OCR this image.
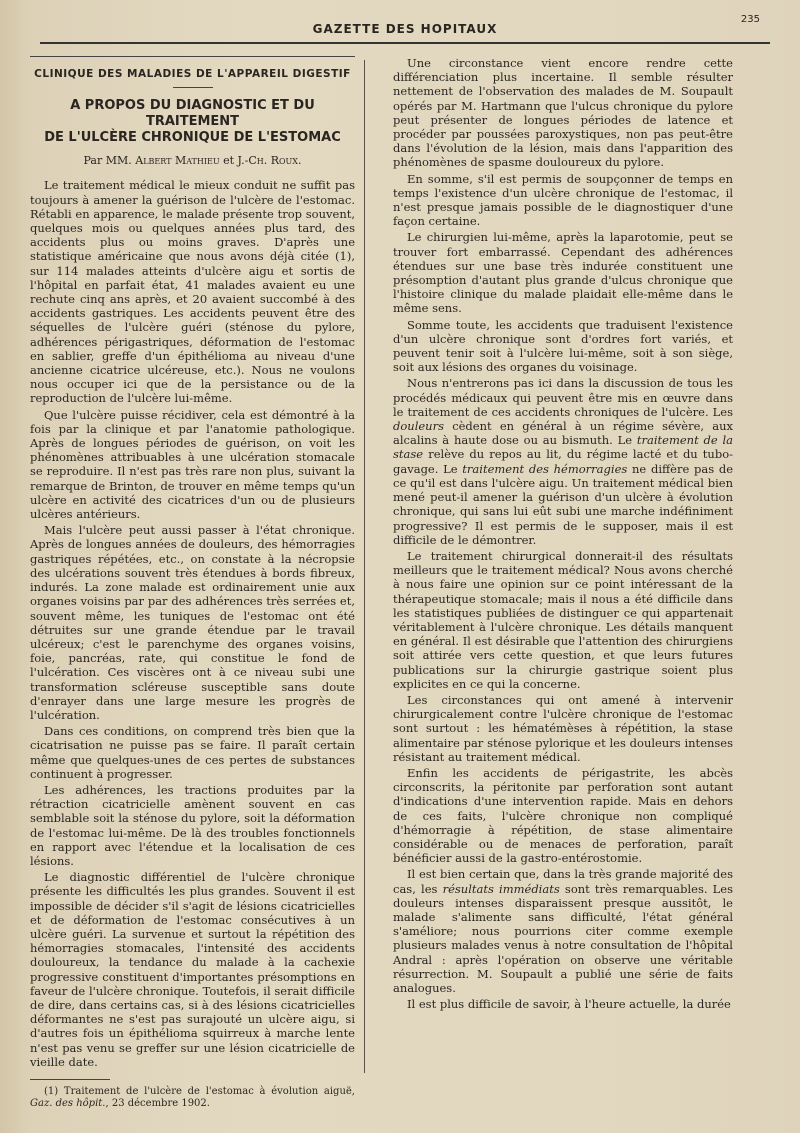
GAZETTE DES HOPITAUX
235
CLINIQUE DES MALADIES DE L'APPAREIL DIGESTIF
A PROPOS DU DIAGNOSTIC ET DU TRAITEMENT
DE L'ULCÈRE CHRONIQUE DE L'ESTOMAC
Par MM. Albert Mathieu et J.-Ch. Roux.

Le traitement médical le mieux conduit ne suffit pas toujours à amener la guérison de l'ulcère de l'estomac. Rétabli en apparence, le malade présente trop souvent, quelques mois ou quelques années plus tard, des accidents plus ou moins graves. D'après une statistique américaine que nous avons déjà citée (1), sur 114 malades atteints d'ulcère aigu et sortis de l'hôpital en parfait état, 41 malades avaient eu une rechute cinq ans après, et 20 avaient succombé à des accidents gastriques. Les accidents peuvent être des séquelles de l'ulcère guéri (sténose du pylore, adhérences périgastriques, déformation de l'estomac en sablier, greffe d'un épithélioma au niveau d'une ancienne cicatrice ulcéreuse, etc.). Nous ne voulons nous occuper ici que de la persistance ou de la reproduction de l'ulcère lui-même.

Que l'ulcère puisse récidiver, cela est démontré à la fois par la clinique et par l'anatomie pathologique. Après de longues périodes de guérison, on voit les phénomènes attribuables à une ulcération stomacale se reproduire. Il n'est pas très rare non plus, suivant la remarque de Brinton, de trouver en même temps qu'un ulcère en activité des cicatrices d'un ou de plusieurs ulcères antérieurs.

Mais l'ulcère peut aussi passer à l'état chronique. Après de longues années de douleurs, des hémorragies gastriques répétées, etc., on constate à la nécropsie des ulcérations souvent très étendues à bords fibreux, indurés. La zone malade est ordinairement unie aux organes voisins par par des adhérences très serrées et, souvent même, les tuniques de l'estomac ont été détruites sur une grande étendue par le travail ulcéreux; c'est le parenchyme des organes voisins, foie, pancréas, rate, qui constitue le fond de l'ulcération. Ces viscères ont à ce niveau subi une transformation scléreuse susceptible sans doute d'enrayer dans une large mesure les progrès de l'ulcération.

Dans ces conditions, on comprend très bien que la cicatrisation ne puisse pas se faire. Il paraît certain même que quelques-unes de ces pertes de substances continuent à progresser.

Les adhérences, les tractions produites par la rétraction cicatricielle amènent souvent en cas semblable soit la sténose du pylore, soit la déformation de l'estomac lui-même. De là des troubles fonctionnels en rapport avec l'étendue et la localisation de ces lésions.

Le diagnostic différentiel de l'ulcère chronique présente les difficultés les plus grandes. Souvent il est impossible de décider s'il s'agit de lésions cicatricielles et de déformation de l'estomac consécutives à un ulcère guéri. La survenue et surtout la répétition des hémorragies stomacales, l'intensité des accidents douloureux, la tendance du malade à la cachexie progressive constituent d'importantes présomptions en faveur de l'ulcère chronique. Toutefois, il serait difficile de dire, dans certains cas, si à des lésions cicatricielles déformantes ne s'est pas surajouté un ulcère aigu, si d'autres fois un épithélioma squirreux à marche lente n'est pas venu se greffer sur une lésion cicatricielle de vieille date.

(1) Traitement de l'ulcère de l'estomac à évolution aiguë, Gaz. des hôpit., 23 décembre 1902.

Une circonstance vient encore rendre cette différenciation plus incertaine. Il semble résulter nettement de l'observation des malades de M. Soupault opérés par M. Hartmann que l'ulcus chronique du pylore peut présenter de longues périodes de latence et procéder par poussées paroxystiques, non pas peut-être dans l'évolution de la lésion, mais dans l'apparition des phénomènes de spasme douloureux du pylore.

En somme, s'il est permis de soupçonner de temps en temps l'existence d'un ulcère chronique de l'estomac, il n'est presque jamais possible de le diagnostiquer d'une façon certaine.

Le chirurgien lui-même, après la laparotomie, peut se trouver fort embarrassé. Cependant des adhérences étendues sur une base très indurée constituent une présomption d'autant plus grande d'ulcus chronique que l'histoire clinique du malade plaidait elle-même dans le même sens.

Somme toute, les accidents que traduisent l'existence d'un ulcère chronique sont d'ordres fort variés, et peuvent tenir soit à l'ulcère lui-même, soit à son siège, soit aux lésions des organes du voisinage.

Nous n'entrerons pas ici dans la discussion de tous les procédés médicaux qui peuvent être mis en œuvre dans le traitement de ces accidents chroniques de l'ulcère. Les douleurs cèdent en général à un régime sévère, aux alcalins à haute dose ou au bismuth. Le traitement de la stase relève du repos au lit, du régime lacté et du tubo-gavage. Le traitement des hémorragies ne diffère pas de ce qu'il est dans l'ulcère aigu. Un traitement médical bien mené peut-il amener la guérison d'un ulcère à évolution chronique, qui sans lui eût subi une marche indéfiniment progressive? Il est permis de le supposer, mais il est difficile de le démontrer.

Le traitement chirurgical donnerait-il des résultats meilleurs que le traitement médical? Nous avons cherché à nous faire une opinion sur ce point intéressant de la thérapeutique stomacale; mais il nous a été difficile dans les statistiques publiées de distinguer ce qui appartenait véritablement à l'ulcère chronique. Les détails manquent en général. Il est désirable que l'attention des chirurgiens soit attirée vers cette question, et que leurs futures publications sur la chirurgie gastrique soient plus explicites en ce qui la concerne.

Les circonstances qui ont amené à intervenir chirurgicalement contre l'ulcère chronique de l'estomac sont surtout : les hématémèses à répétition, la stase alimentaire par sténose pylorique et les douleurs intenses résistant au traitement médical.

Enfin les accidents de périgastrite, les abcès circonscrits, la péritonite par perforation sont autant d'indications d'une intervention rapide. Mais en dehors de ces faits, l'ulcère chronique non compliqué d'hémorragie à répétition, de stase alimentaire considérable ou de menaces de perforation, paraît bénéficier aussi de la gastro-entérostomie.

Il est bien certain que, dans la très grande majorité des cas, les résultats immédiats sont très remarquables. Les douleurs intenses disparaissent presque aussitôt, le malade s'alimente sans difficulté, l'état général s'améliore; nous pourrions citer comme exemple plusieurs malades venus à notre consultation de l'hôpital Andral : après l'opération on observe une véritable résurrection. M. Soupault a publié une série de faits analogues.

Il est plus difficile de savoir, à l'heure actuelle, la durée
